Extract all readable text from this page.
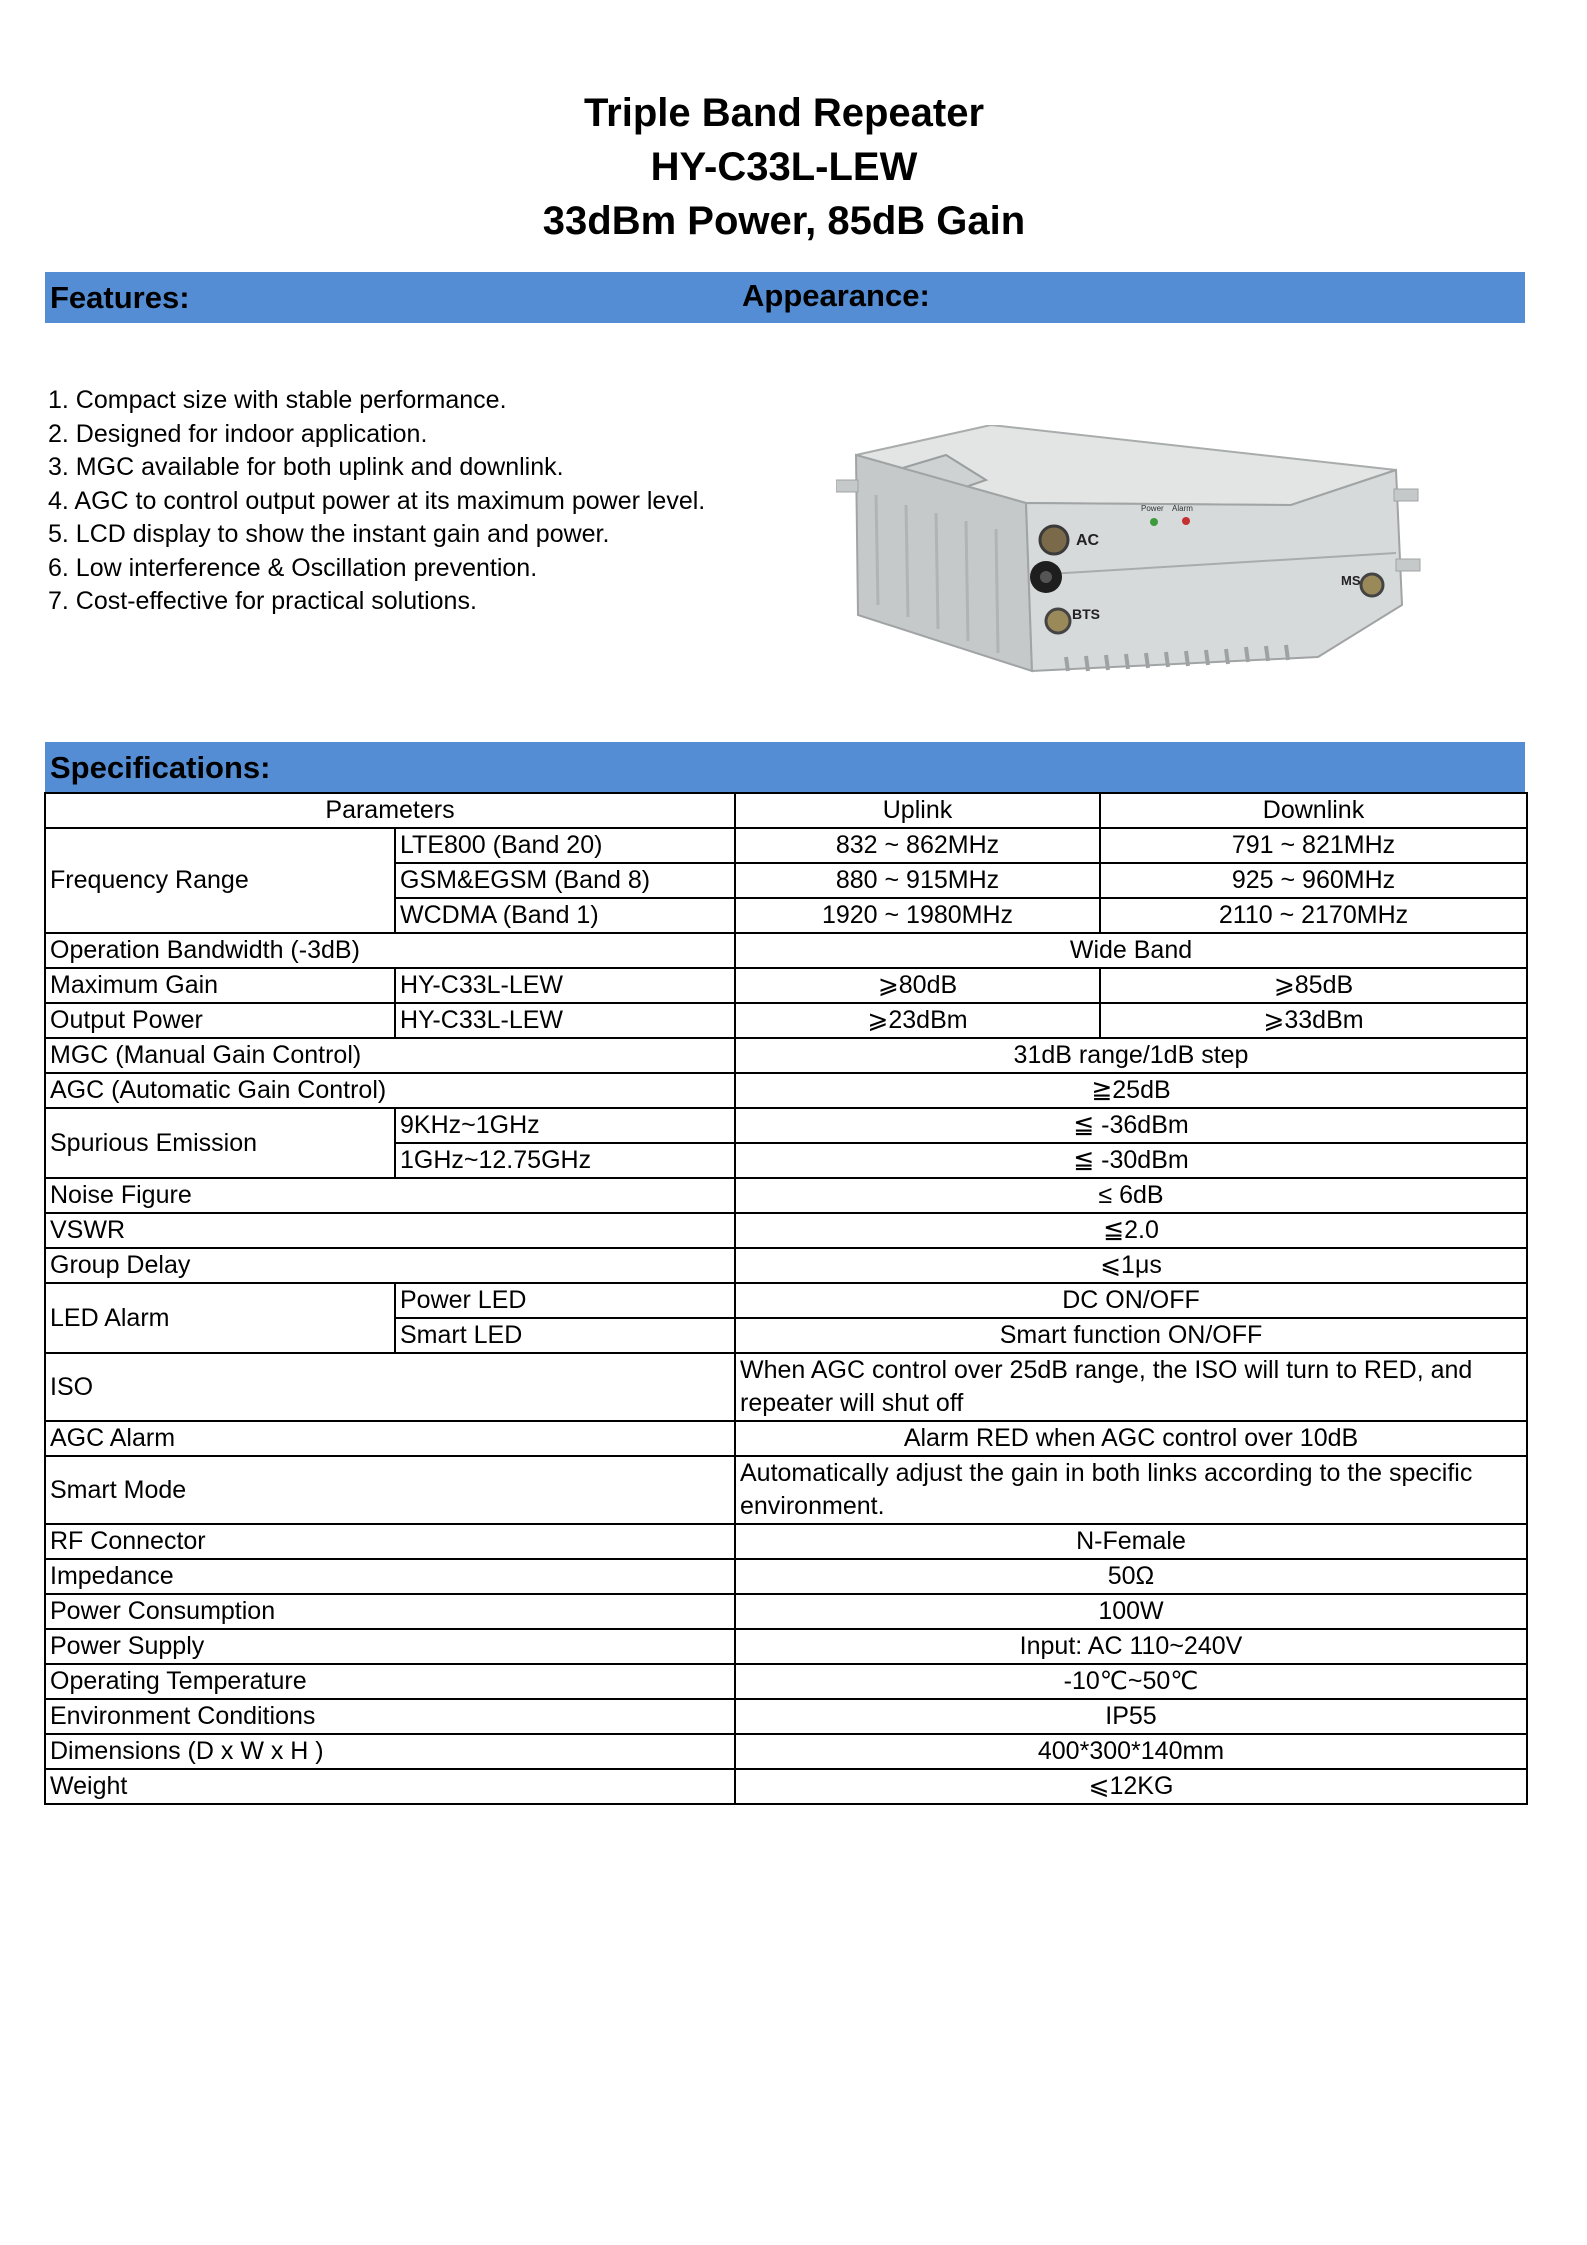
Triple Band Repeater
HY-C33L-LEW
33dBm Power, 85dB Gain
Features:	Appearance:
1. Compact size with stable performance.
2. Designed for indoor application.
3. MGC available for both uplink and downlink.
4. AGC to control output power at its maximum power level.
5. LCD display to show the instant gain and power.
6. Low interference & Oscillation prevention.
7. Cost-effective for practical solutions.
AC
Power Alarm
BTS
MS
Specifications:
Parameters		Uplink	Downlink
Frequency Range	LTE800 (Band 20)	832 ~ 862MHz	791 ~ 821MHz
	GSM&EGSM (Band 8)	880 ~ 915MHz	925 ~ 960MHz
	WCDMA (Band 1)	1920 ~ 1980MHz	2110 ~ 2170MHz
Operation Bandwidth (-3dB)		Wide Band	
Maximum Gain	HY-C33L-LEW	⩾80dB	⩾85dB
Output Power	HY-C33L-LEW	⩾23dBm	⩾33dBm
MGC (Manual Gain Control)		31dB range/1dB step	
AGC (Automatic Gain Control)		≧25dB	
Spurious Emission	9KHz~1GHz	≦ -36dBm	
	1GHz~12.75GHz	≦ -30dBm	
Noise Figure		≤ 6dB	
VSWR		≦2.0	
Group Delay		⩽1μs	
LED Alarm	Power LED	DC ON/OFF	
	Smart LED	Smart function ON/OFF	
ISO		When AGC control over 25dB range, the ISO will turn to RED, and repeater will shut off	
AGC Alarm		Alarm RED when AGC control over 10dB	
Smart Mode		Automatically adjust the gain in both links according to the specific environment.	
RF Connector		N-Female	
Impedance		50Ω	
Power Consumption		100W	
Power Supply		Input: AC 110~240V	
Operating Temperature		-10℃~50℃	
Environment Conditions		IP55	
Dimensions (D x W x H )		400*300*140mm	
Weight		⩽12KG	
